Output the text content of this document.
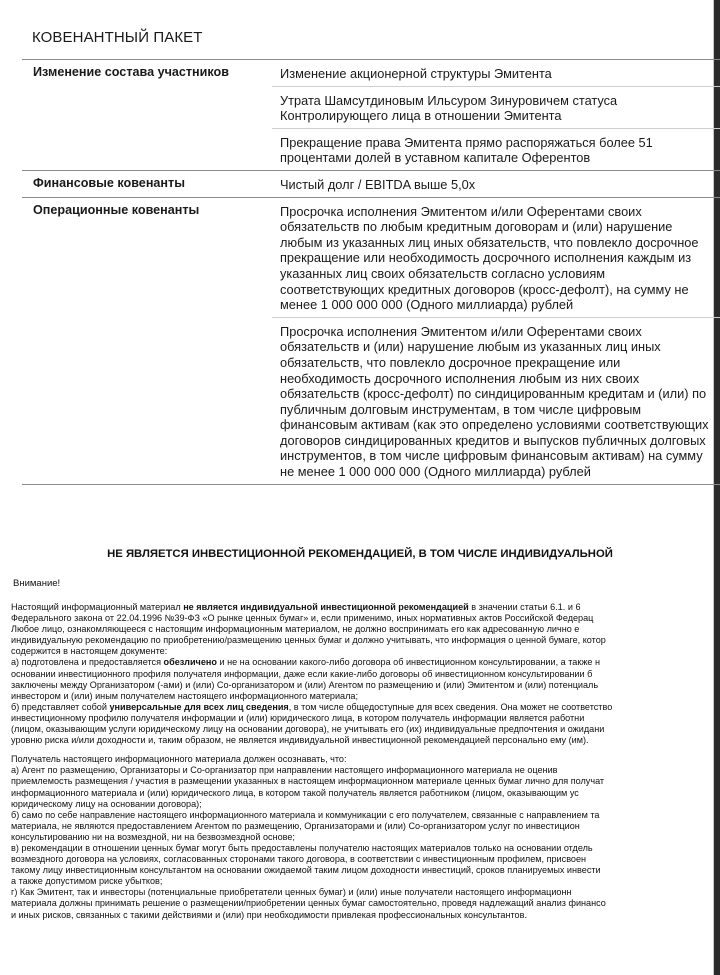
КОВЕНАНТНЫЙ ПАКЕТ
Изменение состава участников	Изменение акционерной структуры Эмитента
Утрата Шамсутдиновым Ильсуром Зинуровичем статуса Контролирующего лица в отношении Эмитента
Прекращение права Эмитента прямо распоряжаться более 51 процентами долей в уставном капитале Оферентов
Финансовые ковенанты	Чистый долг / EBITDA выше 5,0х
Операционные ковенанты	Просрочка исполнения Эмитентом и/или Оферентами своих обязательств по любым кредитным договорам и (или) нарушение любым из указанных лиц иных обязательств, что повлекло досрочное прекращение или необходимость досрочного исполнения каждым из указанных лиц своих обязательств согласно условиям соответствующих кредитных договоров (кросс-дефолт), на сумму не менее 1 000 000 000 (Одного миллиарда) рублей
Просрочка исполнения Эмитентом и/или Оферентами своих обязательств и (или) нарушение любым из указанных лиц иных обязательств, что повлекло досрочное прекращение или необходимость досрочного исполнения любым из них своих обязательств (кросс-дефолт) по синдицированным кредитам и (или) по публичным долговым инструментам, в том числе цифровым финансовым активам (как это определено условиями соответствующих договоров синдицированных кредитов и выпусков публичных долговых инструментов, в том числе цифровым финансовым активам) на сумму не менее 1 000 000 000 (Одного миллиарда) рублей
НЕ ЯВЛЯЕТСЯ ИНВЕСТИЦИОННОЙ РЕКОМЕНДАЦИЕЙ, В ТОМ ЧИСЛЕ ИНДИВИДУАЛЬНОЙ
Внимание!
Настоящий информационный материал не является индивидуальной инвестиционной рекомендацией в значении статьи 6.1. и 6
Федерального закона от 22.04.1996 №39-ФЗ «О рынке ценных бумаг» и, если применимо, иных нормативных актов Российской Федерац
Любое лицо, ознакомляющееся с настоящим информационным материалом, не должно воспринимать его как адресованную лично е
индивидуальную рекомендацию по приобретению/размещению ценных бумаг и должно учитывать, что информация о ценной бумаге, котор
содержится в настоящем документе:
а) подготовлена и предоставляется обезличено и не на основании какого-либо договора об инвестиционном консультировании, а также н
основании инвестиционного профиля получателя информации, даже если какие-либо договоры об инвестиционном консультировании б
заключены между Организатором (-ами) и (или) Со-организатором и (или) Агентом по размещению и (или) Эмитентом и (или) потенциаль
инвестором и (или) иным получателем настоящего информационного материала;
б) представляет собой универсальные для всех лиц сведения, в том числе общедоступные для всех сведения. Она может не соответство
инвестиционному профилю получателя информации и (или) юридического лица, в котором получатель информации является работни
(лицом, оказывающим услуги юридическому лицу на основании договора), не учитывать его (их) индивидуальные предпочтения и ожидани
уровню риска и/или доходности и, таким образом, не является индивидуальной инвестиционной рекомендацией персонально ему (им).
Получатель настоящего информационного материала должен осознавать, что:
а) Агент по размещению, Организаторы и Со-организатор при направлении настоящего информационного материала не оценив
приемлемость размещения / участия в размещении указанных в настоящем информационном материале ценных бумаг лично для получат
информационного материала и (или) юридического лица, в котором такой получатель является работником (лицом, оказывающим ус
юридическому лицу на основании договора);
б) само по себе направление настоящего информационного материала и коммуникации с его получателем, связанные с направлением та
материала, не являются предоставлением Агентом по размещению, Организаторами и (или) Со-организатором услуг по инвестицион
консультированию ни на возмездной, ни на безвозмездной основе;
в) рекомендации в отношении ценных бумаг могут быть предоставлены получателю настоящих материалов только на основании отдель
возмездного договора на условиях, согласованных сторонами такого договора, в соответствии с инвестиционным профилем, присвоен
такому лицу инвестиционным консультантом на основании ожидаемой таким лицом доходности инвестиций, сроков планируемых инвести
а также допустимом риске убытков;
г) Как Эмитент, так и инвесторы (потенциальные приобретатели ценных бумаг) и (или) иные получатели настоящего информационн
материала должны принимать решение о размещении/приобретении ценных бумаг самостоятельно, проведя надлежащий анализ финансо
и иных рисков, связанных с такими действиями и (или) при необходимости привлекая профессиональных консультантов.
